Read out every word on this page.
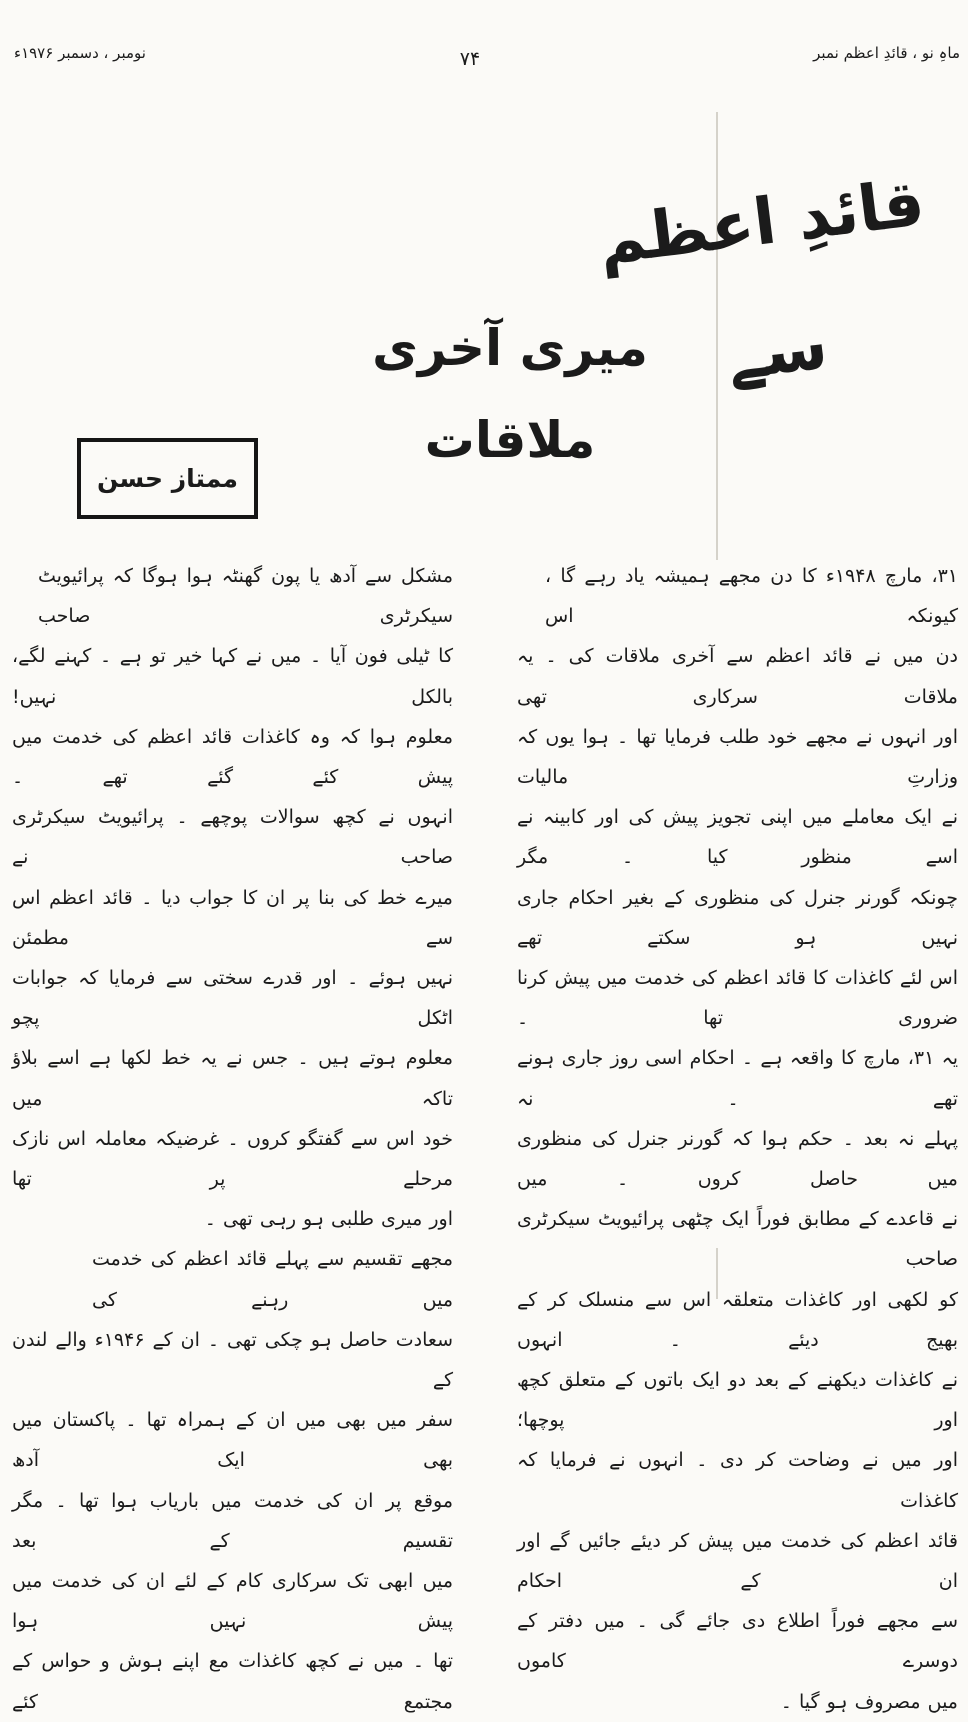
نومبر ، دسمبر ۱۹۷۶ء	۷۴	ماہِ نو ، قائدِ اعظم نمبر
قائدِ اعظم سے
میری آخری ملاقات
ممتاز حسن
۳۱، مارچ ۱۹۴۸ء کا دن مجھے ہمیشہ یاد رہے گا ، کیونکہ اس
دن میں نے قائد اعظم سے آخری ملاقات کی ۔ یہ ملاقات سرکاری تھی
اور انہوں نے مجھے خود طلب فرمایا تھا ۔ ہوا یوں کہ وزارتِ مالیات
نے ایک معاملے میں اپنی تجویز پیش کی اور کابینہ نے اسے منظور کیا ۔ مگر
چونکہ گورنر جنرل کی منظوری کے بغیر احکام جاری نہیں ہو سکتے تھے
اس لئے کاغذات کا قائد اعظم کی خدمت میں پیش کرنا ضروری تھا ۔
یہ ۳۱، مارچ کا واقعہ ہے ۔ احکام اسی روز جاری ہونے تھے ۔ نہ
پہلے نہ بعد ۔ حکم ہوا کہ گورنر جنرل کی منظوری میں حاصل کروں ۔ میں
نے قاعدے کے مطابق فوراً ایک چٹھی پرائیویٹ سیکرٹری صاحب
کو لکھی اور کاغذات متعلقہ اس سے منسلک کر کے بھیج دیئے ۔ انہوں
نے کاغذات دیکھنے کے بعد دو ایک باتوں کے متعلق کچھ اور پوچھا؛
اور میں نے وضاحت کر دی ۔ انہوں نے فرمایا کہ کاغذات
قائد اعظم کی خدمت میں پیش کر دیئے جائیں گے اور ان کے احکام
سے مجھے فوراً اطلاع دی جائے گی ۔ میں دفتر کے دوسرے کاموں
میں مصروف ہو گیا ۔
مشکل سے آدھ یا پون گھنٹہ ہوا ہوگا کہ پرائیویٹ سیکرٹری صاحب
کا ٹیلی فون آیا ۔ میں نے کہا خیر تو ہے ۔ کہنے لگے، بالکل نہیں!
معلوم ہوا کہ وہ کاغذات قائد اعظم کی خدمت میں پیش کئے گئے تھے ۔
انہوں نے کچھ سوالات پوچھے ۔ پرائیویٹ سیکرٹری صاحب نے
میرے خط کی بنا پر ان کا جواب دیا ۔ قائد اعظم اس سے مطمئن
نہیں ہوئے ۔ اور قدرے سختی سے فرمایا کہ جوابات اٹکل پچو
معلوم ہوتے ہیں ۔ جس نے یہ خط لکھا ہے اسے بلاؤ تاکہ میں
خود اس سے گفتگو کروں ۔ غرضیکہ معاملہ اس نازک مرحلے پر تھا
اور میری طلبی ہو رہی تھی ۔
مجھے تقسیم سے پہلے قائد اعظم کی خدمت میں رہنے کی
سعادت حاصل ہو چکی تھی ۔ ان کے ۱۹۴۶ء والے لندن کے
سفر میں بھی میں ان کے ہمراہ تھا ۔ پاکستان میں بھی ایک آدھ
موقع پر ان کی خدمت میں باریاب ہوا تھا ۔ مگر تقسیم کے بعد
میں ابھی تک سرکاری کام کے لئے ان کی خدمت میں پیش نہیں ہوا
تھا ۔ میں نے کچھ کاغذات مع اپنے ہوش و حواس کے مجتمع کئے
